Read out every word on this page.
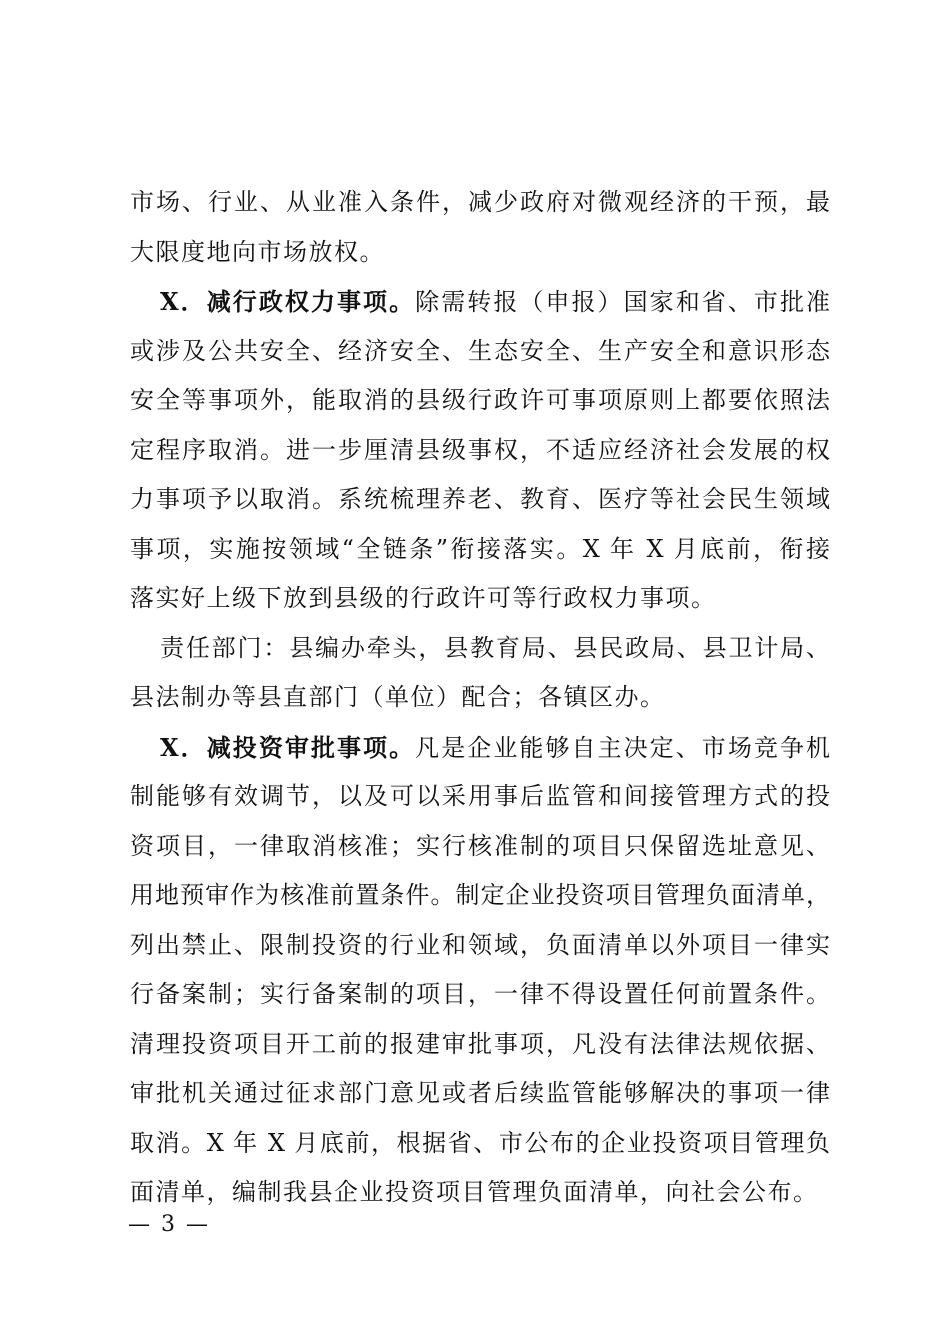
市场、行业、从业准入条件，减少政府对微观经济的干预，最
大限度地向市场放权。
X．减行政权力事项。除需转报（申报）国家和省、市批准
或涉及公共安全、经济安全、生态安全、生产安全和意识形态
安全等事项外，能取消的县级行政许可事项原则上都要依照法
定程序取消。进一步厘清县级事权，不适应经济社会发展的权
力事项予以取消。系统梳理养老、教育、医疗等社会民生领域
事项，实施按领域“全链条”衔接落实。X 年 X 月底前，衔接
落实好上级下放到县级的行政许可等行政权力事项。
责任部门：县编办牵头，县教育局、县民政局、县卫计局、
县法制办等县直部门（单位）配合；各镇区办。
X．减投资审批事项。凡是企业能够自主决定、市场竞争机
制能够有效调节，以及可以采用事后监管和间接管理方式的投
资项目，一律取消核准；实行核准制的项目只保留选址意见、
用地预审作为核准前置条件。制定企业投资项目管理负面清单，
列出禁止、限制投资的行业和领域，负面清单以外项目一律实
行备案制；实行备案制的项目，一律不得设置任何前置条件。
清理投资项目开工前的报建审批事项，凡没有法律法规依据、
审批机关通过征求部门意见或者后续监管能够解决的事项一律
取消。X 年 X 月底前，根据省、市公布的企业投资项目管理负
面清单，编制我县企业投资项目管理负面清单，向社会公布。
— 3 —
